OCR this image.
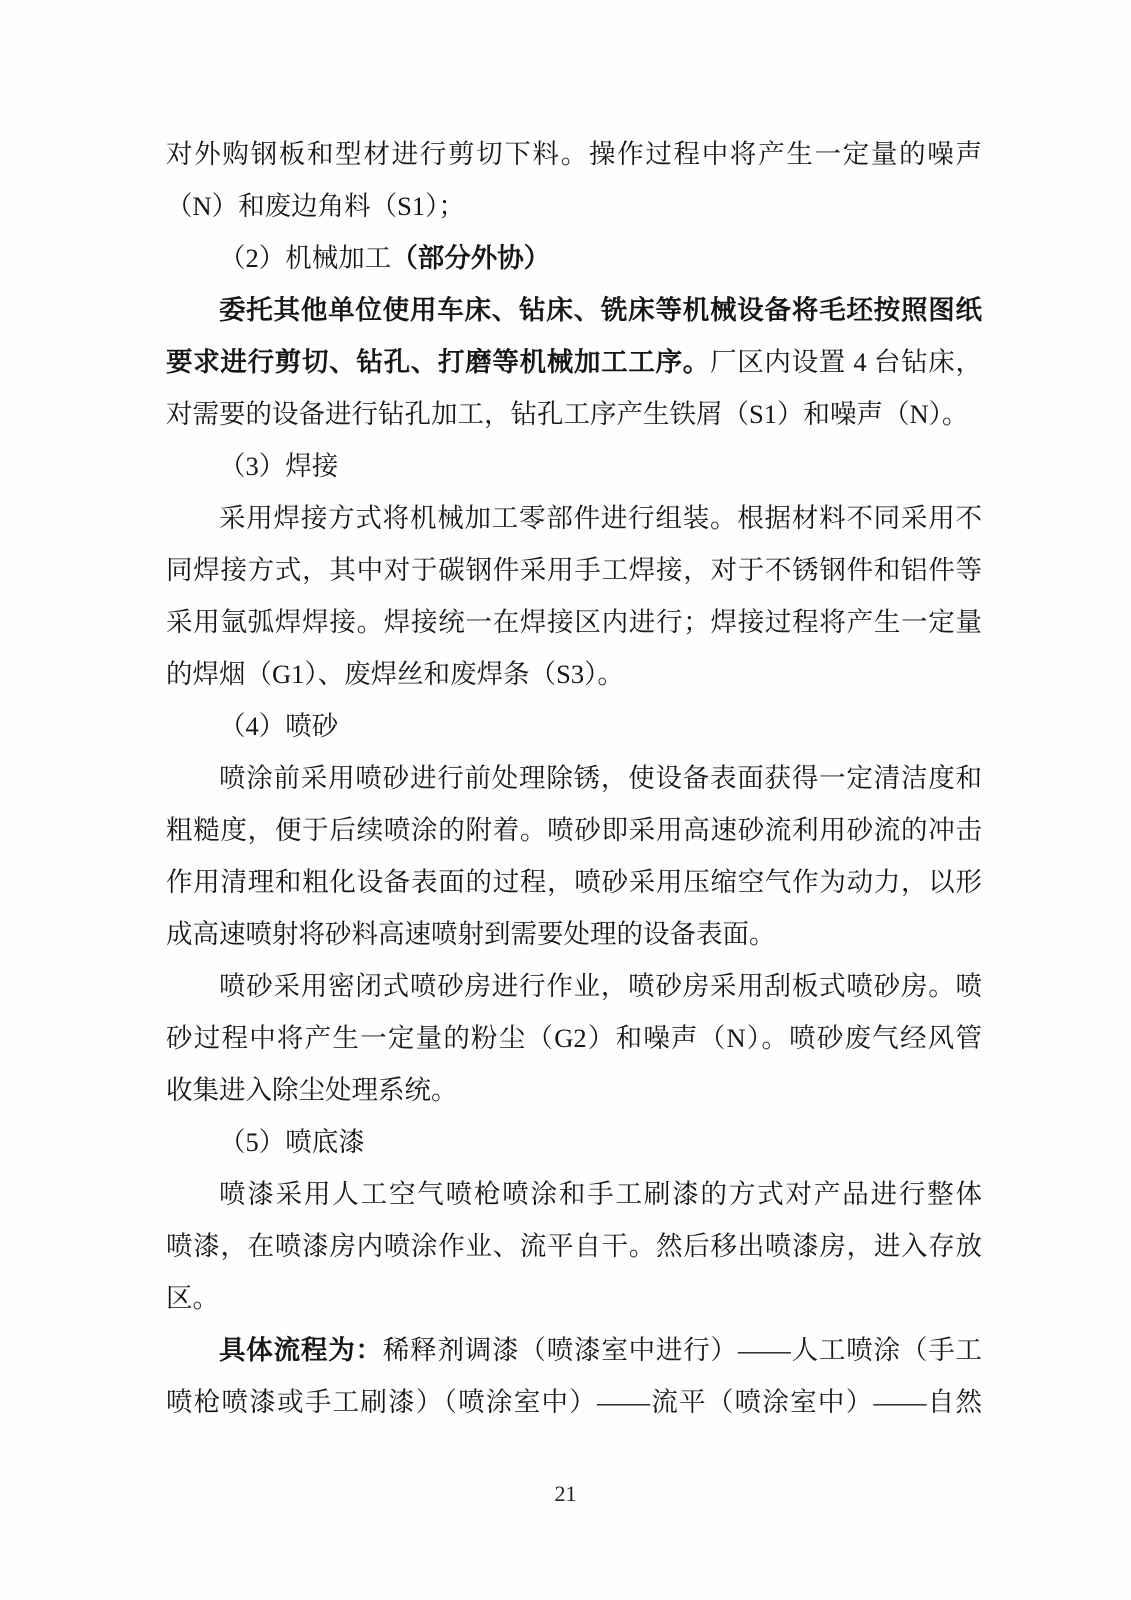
对外购钢板和型材进行剪切下料。操作过程中将产生一定量的噪声
（N）和废边角料（S1）；
（2）机械加工（部分外协）
委托其他单位使用车床、钻床、铣床等机械设备将毛坯按照图纸
要求进行剪切、钻孔、打磨等机械加工工序。厂区内设置 4 台钻床，
对需要的设备进行钻孔加工，钻孔工序产生铁屑（S1）和噪声（N）。
（3）焊接
采用焊接方式将机械加工零部件进行组装。根据材料不同采用不
同焊接方式，其中对于碳钢件采用手工焊接，对于不锈钢件和铝件等
采用氩弧焊焊接。焊接统一在焊接区内进行；焊接过程将产生一定量
的焊烟（G1）、废焊丝和废焊条（S3）。
（4）喷砂
喷涂前采用喷砂进行前处理除锈，使设备表面获得一定清洁度和
粗糙度，便于后续喷涂的附着。喷砂即采用高速砂流利用砂流的冲击
作用清理和粗化设备表面的过程，喷砂采用压缩空气作为动力，以形
成高速喷射将砂料高速喷射到需要处理的设备表面。
喷砂采用密闭式喷砂房进行作业，喷砂房采用刮板式喷砂房。喷
砂过程中将产生一定量的粉尘（G2）和噪声（N）。喷砂废气经风管
收集进入除尘处理系统。
（5）喷底漆
喷漆采用人工空气喷枪喷涂和手工刷漆的方式对产品进行整体
喷漆，在喷漆房内喷涂作业、流平自干。然后移出喷漆房，进入存放
区。
具体流程为：稀释剂调漆（喷漆室中进行）——人工喷涂（手工
喷枪喷漆或手工刷漆）（喷涂室中）——流平（喷涂室中）——自然
21
